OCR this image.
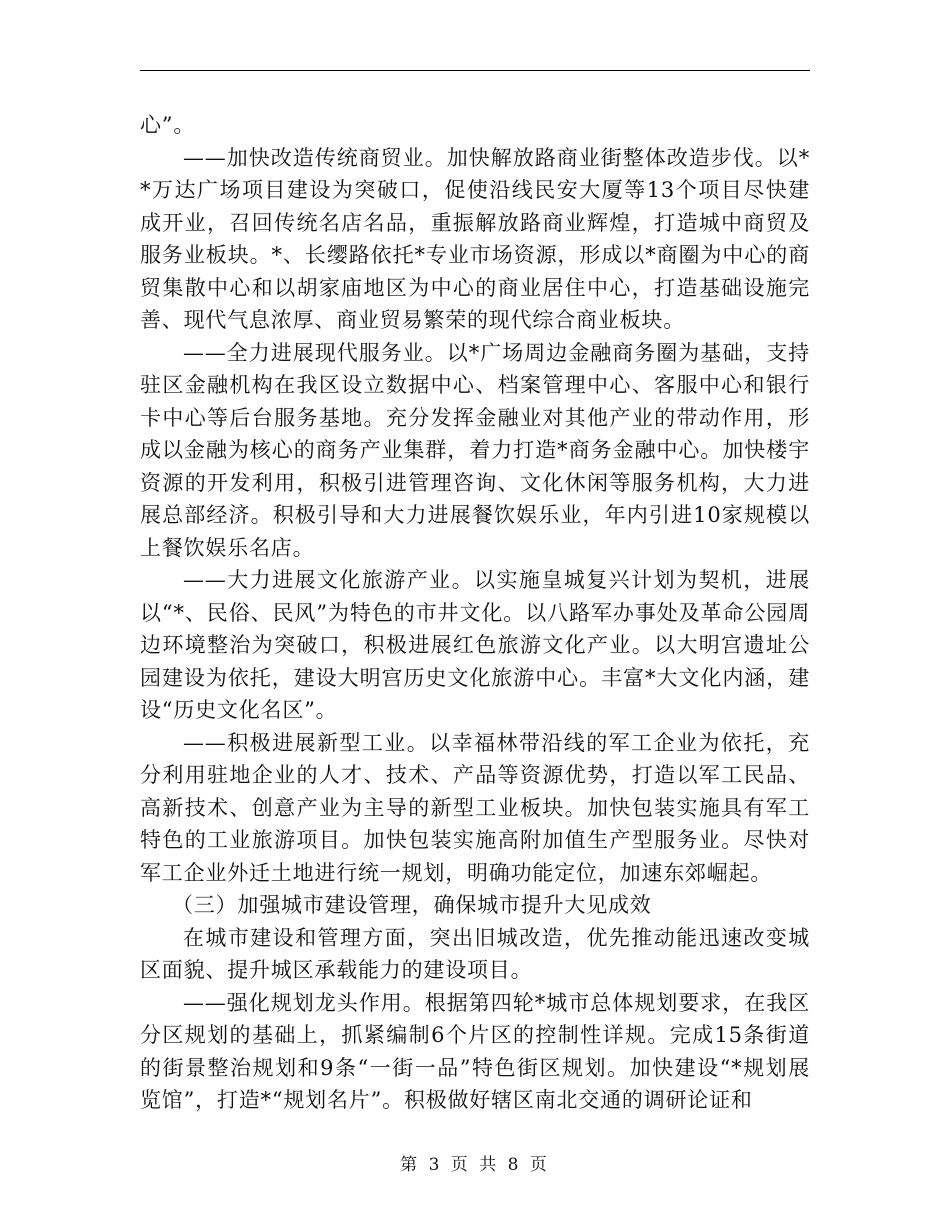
心”。

——加快改造传统商贸业。加快解放路商业街整体改造步伐。以**万达广场项目建设为突破口，促使沿线民安大厦等13个项目尽快建成开业，召回传统名店名品，重振解放路商业辉煌，打造城中商贸及服务业板块。*、长缨路依托*专业市场资源，形成以*商圈为中心的商贸集散中心和以胡家庙地区为中心的商业居住中心，打造基础设施完善、现代气息浓厚、商业贸易繁荣的现代综合商业板块。

——全力进展现代服务业。以*广场周边金融商务圈为基础，支持驻区金融机构在我区设立数据中心、档案管理中心、客服中心和银行卡中心等后台服务基地。充分发挥金融业对其他产业的带动作用，形成以金融为核心的商务产业集群，着力打造*商务金融中心。加快楼宇资源的开发利用，积极引进管理咨询、文化休闲等服务机构，大力进展总部经济。积极引导和大力进展餐饮娱乐业，年内引进10家规模以上餐饮娱乐名店。

——大力进展文化旅游产业。以实施皇城复兴计划为契机，进展以“*、民俗、民风”为特色的市井文化。以八路军办事处及革命公园周边环境整治为突破口，积极进展红色旅游文化产业。以大明宫遗址公园建设为依托，建设大明宫历史文化旅游中心。丰富*大文化内涵，建设“历史文化名区”。

——积极进展新型工业。以幸福林带沿线的军工企业为依托，充分利用驻地企业的人才、技术、产品等资源优势，打造以军工民品、高新技术、创意产业为主导的新型工业板块。加快包装实施具有军工特色的工业旅游项目。加快包装实施高附加值生产型服务业。尽快对军工企业外迁土地进行统一规划，明确功能定位，加速东郊崛起。

（三）加强城市建设管理，确保城市提升大见成效

在城市建设和管理方面，突出旧城改造，优先推动能迅速改变城区面貌、提升城区承载能力的建设项目。

——强化规划龙头作用。根据第四轮*城市总体规划要求，在我区分区规划的基础上，抓紧编制6个片区的控制性详规。完成15条街道的街景整治规划和9条“一街一品”特色街区规划。加快建设“*规划展览馆”，打造*“规划名片”。积极做好辖区南北交通的调研论证和

第 3 页 共 8 页
